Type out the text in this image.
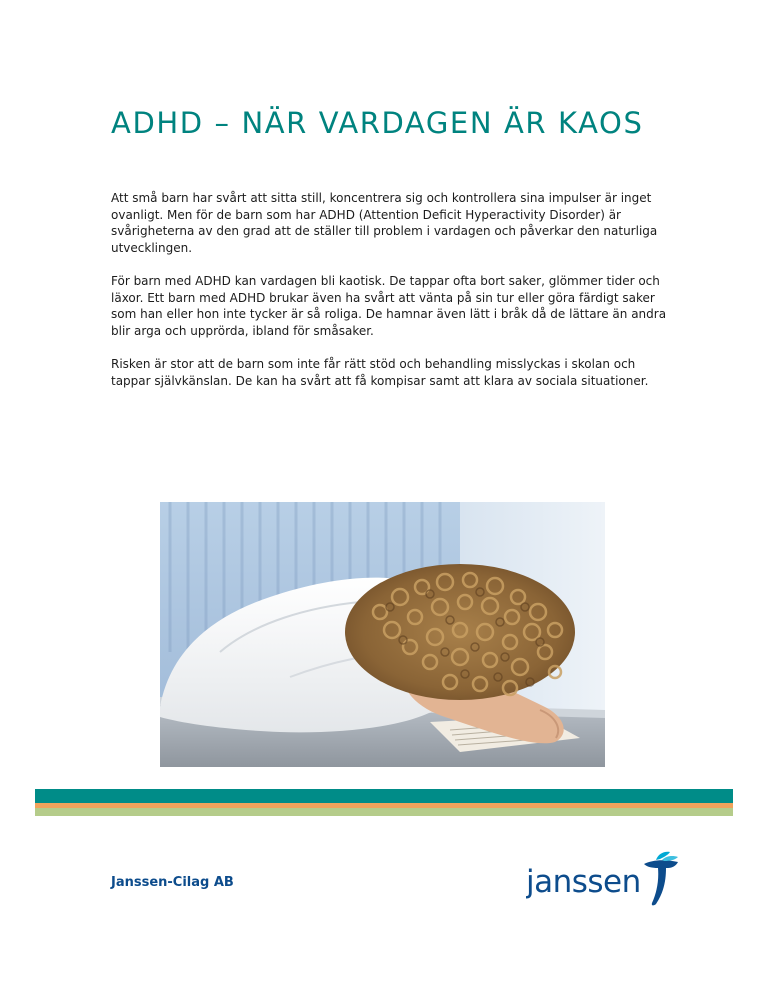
ADHD – NÄR VARDAGEN ÄR KAOS

Att små barn har svårt att sitta still, koncentrera sig och kontrollera sina impulser är inget ovanligt. Men för de barn som har ADHD (Attention Deficit Hyperactivity Disorder) är svårigheterna av den grad att de ställer till problem i vardagen och påverkar den naturliga utvecklingen.

För barn med ADHD kan vardagen bli kaotisk. De tappar ofta bort saker, glömmer tider och läxor. Ett barn med ADHD brukar även ha svårt att vänta på sin tur eller göra färdigt saker som han eller hon inte tycker är så roliga. De hamnar även lätt i bråk då de lättare än andra blir arga och upprörda, ibland för småsaker.

Risken är stor att de barn som inte får rätt stöd och behandling misslyckas i skolan och tappar självkänslan. De kan ha svårt att få kompisar samt att klara av sociala situationer.

Janssen-Cilag AB	janssen
